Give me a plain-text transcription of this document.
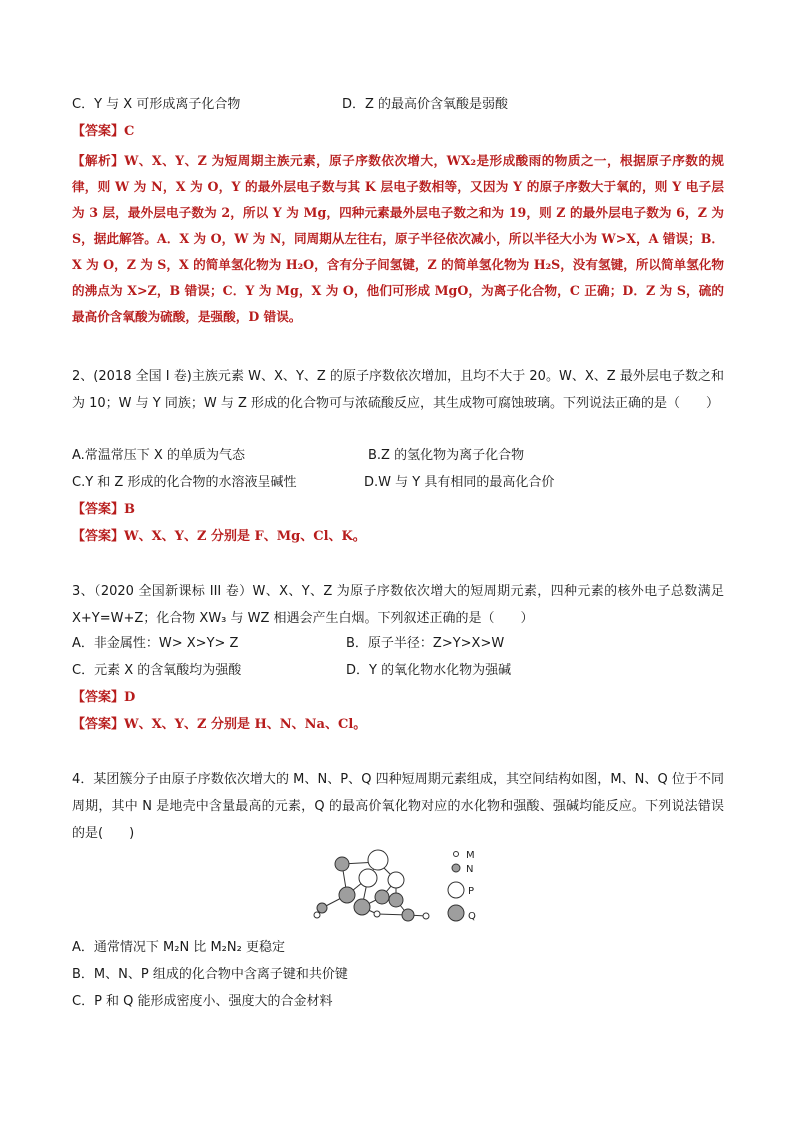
C．Y 与 X 可形成离子化合物	D．Z 的最高价含氧酸是弱酸
【答案】C
【解析】W、X、Y、Z 为短周期主族元素，原子序数依次增大，WX₂是形成酸雨的物质之一，根据原子序数的规律，则 W 为 N，X 为 O，Y 的最外层电子数与其 K 层电子数相等，又因为 Y 的原子序数大于氧的，则 Y 电子层为 3 层，最外层电子数为 2，所以 Y 为 Mg，四种元素最外层电子数之和为 19，则 Z 的最外层电子数为 6，Z 为 S，据此解答。A．X 为 O，W 为 N，同周期从左往右，原子半径依次减小，所以半径大小为 W>X，A 错误；B．X 为 O，Z 为 S，X 的简单氢化物为 H₂O，含有分子间氢键，Z 的简单氢化物为 H₂S，没有氢键，所以简单氢化物的沸点为 X>Z，B 错误；C．Y 为 Mg，X 为 O，他们可形成 MgO，为离子化合物，C 正确；D．Z 为 S，硫的最高价含氧酸为硫酸，是强酸，D 错误。
2、(2018 全国 I 卷)主族元素 W、X、Y、Z 的原子序数依次增加，且均不大于 20。W、X、Z 最外层电子数之和为 10；W 与 Y 同族；W 与 Z 形成的化合物可与浓硫酸反应，其生成物可腐蚀玻璃。下列说法正确的是（　　）
A.常温常压下 X 的单质为气态	B.Z 的氢化物为离子化合物
C.Y 和 Z 形成的化合物的水溶液呈碱性	D.W 与 Y 具有相同的最高化合价
【答案】B
【答案】W、X、Y、Z 分别是 F、Mg、Cl、K。
3、（2020 全国新课标 III 卷）W、X、Y、Z 为原子序数依次增大的短周期元素，四种元素的核外电子总数满足 X+Y=W+Z；化合物 XW₃ 与 WZ 相遇会产生白烟。下列叙述正确的是（　　）
A．非金属性：W> X>Y> Z	B．原子半径：Z>Y>X>W
C．元素 X 的含氧酸均为强酸	D．Y 的氧化物水化物为强碱
【答案】D
【答案】W、X、Y、Z 分别是 H、N、Na、Cl。
4．某团簇分子由原子序数依次增大的 M、N、P、Q 四种短周期元素组成，其空间结构如图，M、N、Q 位于不同周期，其中 N 是地壳中含量最高的元素，Q 的最高价氧化物对应的水化物和强酸、强碱均能反应。下列说法错误的是(　　)
M
N
P
Q
A．通常情况下 M₂N 比 M₂N₂ 更稳定
B．M、N、P 组成的化合物中含离子键和共价键
C．P 和 Q 能形成密度小、强度大的合金材料
